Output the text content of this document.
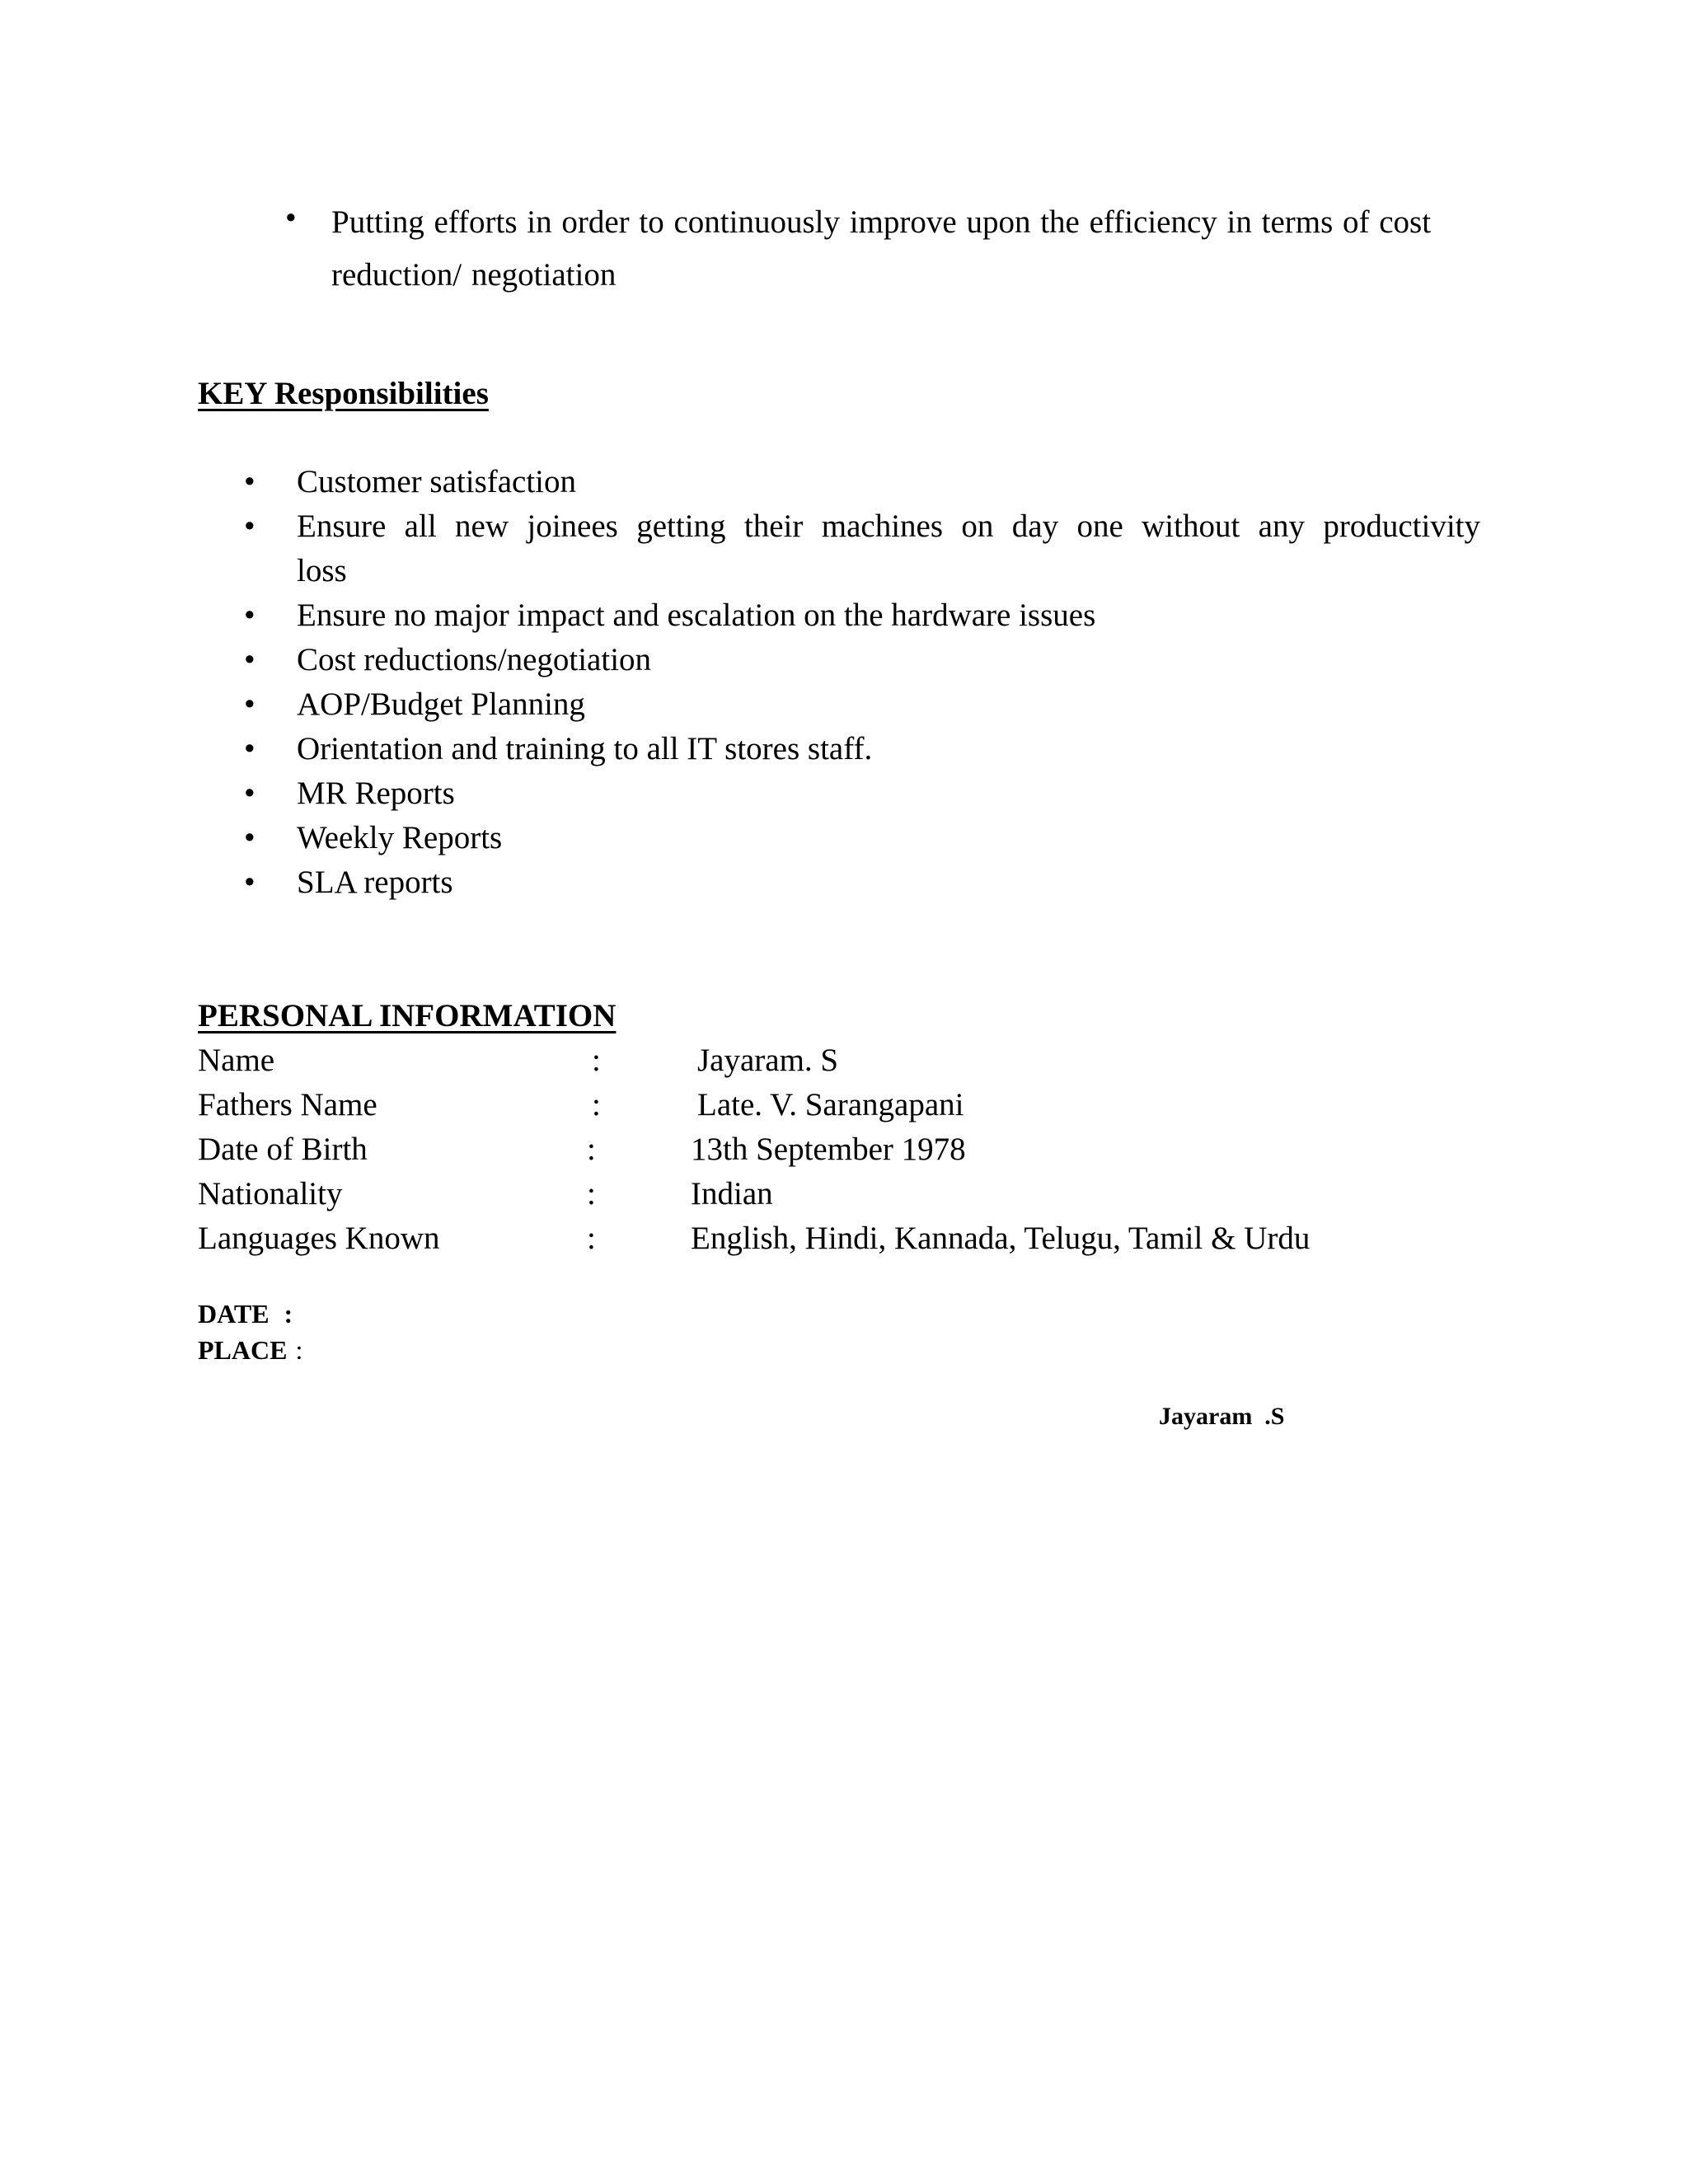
• Putting efforts in order to continuously improve upon the efficiency in terms of cost reduction/ negotiation
KEY Responsibilities
• Customer satisfaction
• Ensure all new joinees getting their machines on day one without any productivity loss
• Ensure no major impact and escalation on the hardware issues
• Cost reductions/negotiation
• AOP/Budget Planning
• Orientation and training to all IT stores staff.
• MR Reports
• Weekly Reports
• SLA reports
PERSONAL INFORMATION
Name	:	Jayaram. S
Fathers Name	:	Late. V. Sarangapani
Date of Birth	:	13th September 1978
Nationality	:	Indian
Languages Known	:	English, Hindi, Kannada, Telugu, Tamil & Urdu
DATE :
PLACE :
Jayaram  .S
